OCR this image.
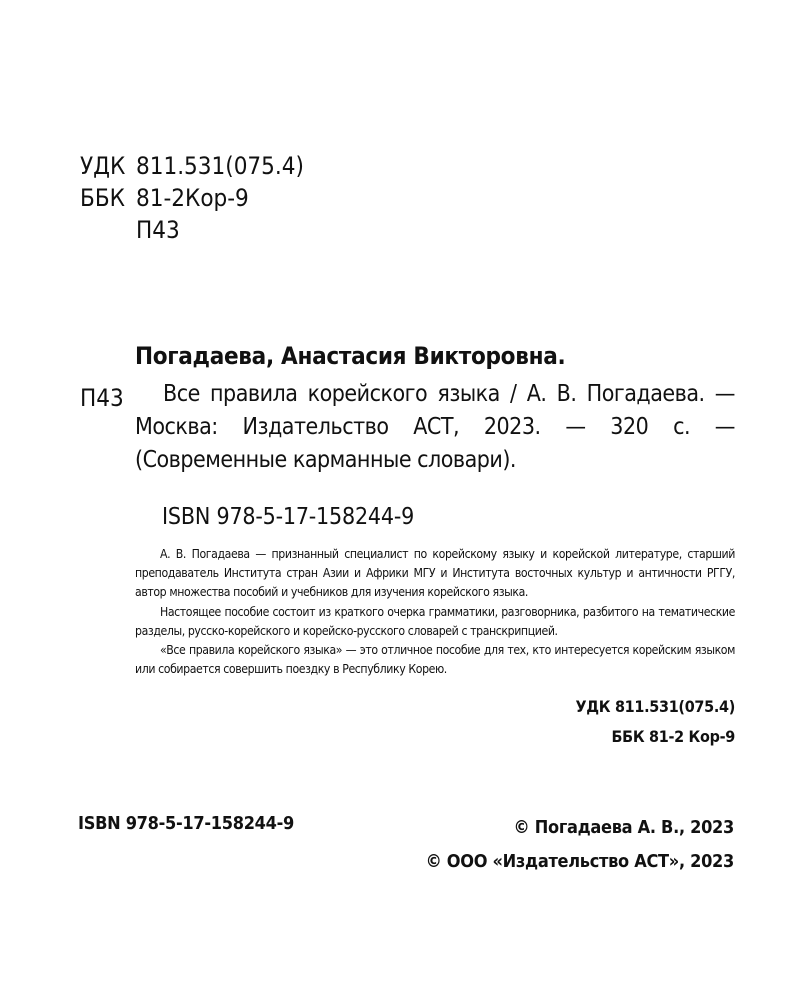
УДК 811.531(075.4)
ББК 81-2Кор-9
П43
Погадаева, Анастасия Викторовна.
П43	Все правила корейского языка / А. В. Погадаева. — Москва: Издательство АСТ, 2023. — 320 с. — (Современные карманные словари).
ISBN 978-5-17-158244-9

А. В. Погадаева — признанный специалист по корейскому языку и корейской литературе, старший преподаватель Института стран Азии и Африки МГУ и Института восточных культур и античности РГГУ, автор множества пособий и учебников для изучения корейского языка.

Настоящее пособие состоит из краткого очерка грамматики, разговорника, разбитого на тематические разделы, русско-корейского и корейско-русского словарей с транскрипцией.

«Все правила корейского языка» — это отличное пособие для тех, кто интересуется корейским языком или собирается совершить поездку в Республику Корею.

УДК 811.531(075.4)
ББК 81-2 Кор-9
ISBN 978-5-17-158244-9	© Погадаева А. В., 2023
© ООО «Издательство АСТ», 2023
